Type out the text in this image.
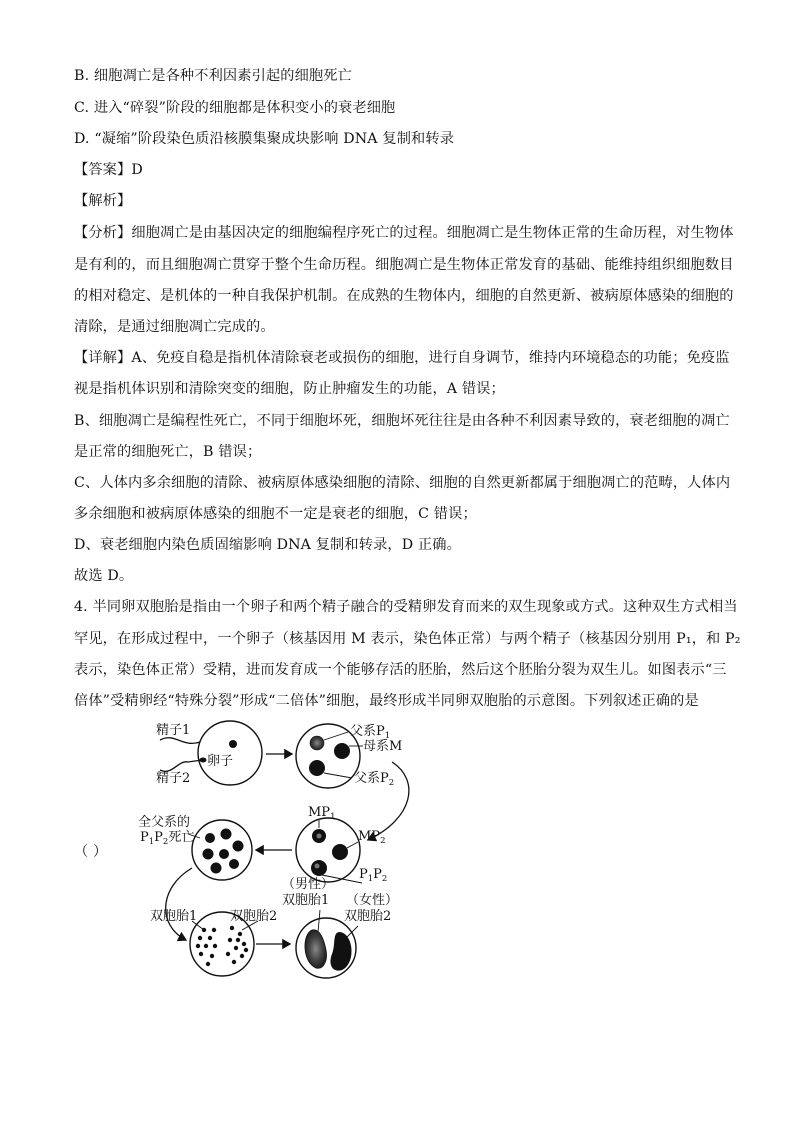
B. 细胞凋亡是各种不利因素引起的细胞死亡
C. 进入“碎裂”阶段的细胞都是体积变小的衰老细胞
D. “凝缩”阶段染色质沿核膜集聚成块影响 DNA 复制和转录
【答案】D
【解析】
【分析】细胞凋亡是由基因决定的细胞编程序死亡的过程。细胞凋亡是生物体正常的生命历程，对生物体
是有利的，而且细胞凋亡贯穿于整个生命历程。细胞凋亡是生物体正常发育的基础、能维持组织细胞数目
的相对稳定、是机体的一种自我保护机制。在成熟的生物体内，细胞的自然更新、被病原体感染的细胞的
清除，是通过细胞凋亡完成的。
【详解】A、免疫自稳是指机体清除衰老或损伤的细胞，进行自身调节，维持内环境稳态的功能；免疫监
视是指机体识别和清除突变的细胞，防止肿瘤发生的功能，A 错误；
B、细胞凋亡是编程性死亡，不同于细胞坏死，细胞坏死往往是由各种不利因素导致的，衰老细胞的凋亡
是正常的细胞死亡，B 错误；
C、人体内多余细胞的清除、被病原体感染细胞的清除、细胞的自然更新都属于细胞凋亡的范畴，人体内
多余细胞和被病原体感染的细胞不一定是衰老的细胞，C 错误；
D、衰老细胞内染色质固缩影响 DNA 复制和转录，D 正确。
故选 D。
4. 半同卵双胞胎是指由一个卵子和两个精子融合的受精卵发育而来的双生现象或方式。这种双生方式相当
罕见，在形成过程中，一个卵子（核基因用 M 表示，染色体正常）与两个精子（核基因分别用 P₁，和 P₂
表示，染色体正常）受精，进而发育成一个能够存活的胚胎，然后这个胚胎分裂为双生儿。如图表示“三
倍体”受精卵经“特殊分裂”形成“二倍体”细胞，最终形成半同卵双胞胎的示意图。下列叙述正确的是
（ ）
精子1
精子2
卵子
父系$P_1$
母系M
父系$P_2$
$MP_1$
$MP_2$
$P_1P_2$
全父系的
$P_1P_2$死亡
双胞胎1	双胞胎2
（男性）
双胞胎1 （女性）
双胞胎2
